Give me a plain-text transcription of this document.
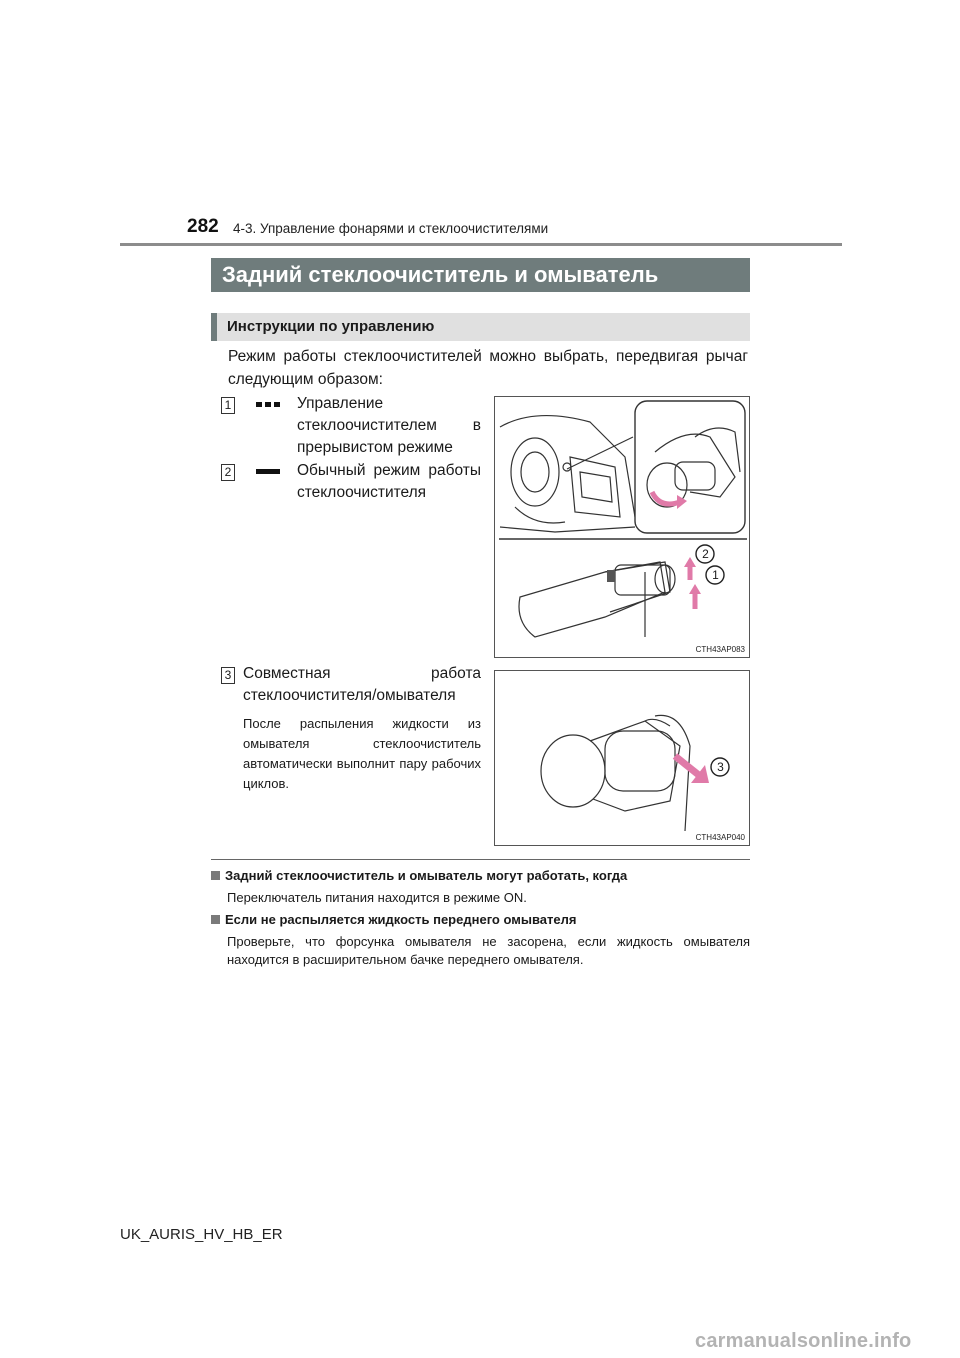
282 4-3. Управление фонарями и стеклоочистителями
Задний стеклоочиститель и омыватель
Инструкции по управлению
Режим работы стеклоочистителей можно выбрать, передвигая рычаг следующим образом:
1	Управление стеклоочистителем в прерывистом режиме
2	Обычный режим работы стеклоочистителя
3 Совместная работа стеклоочистителя/омывателя
После распыления жидкости из омывателя стеклоочиститель автоматически выполнит пару рабочих циклов.
2
1
CTH43AP083
3
CTH43AP040
Задний стеклоочиститель и омыватель могут работать, когда
Переключатель питания находится в режиме ON.
Если не распыляется жидкость переднего омывателя
Проверьте, что форсунка омывателя не засорена, если жидкость омывателя находится в расширительном бачке переднего омывателя.
UK_AURIS_HV_HB_ER
carmanualsonline.info
